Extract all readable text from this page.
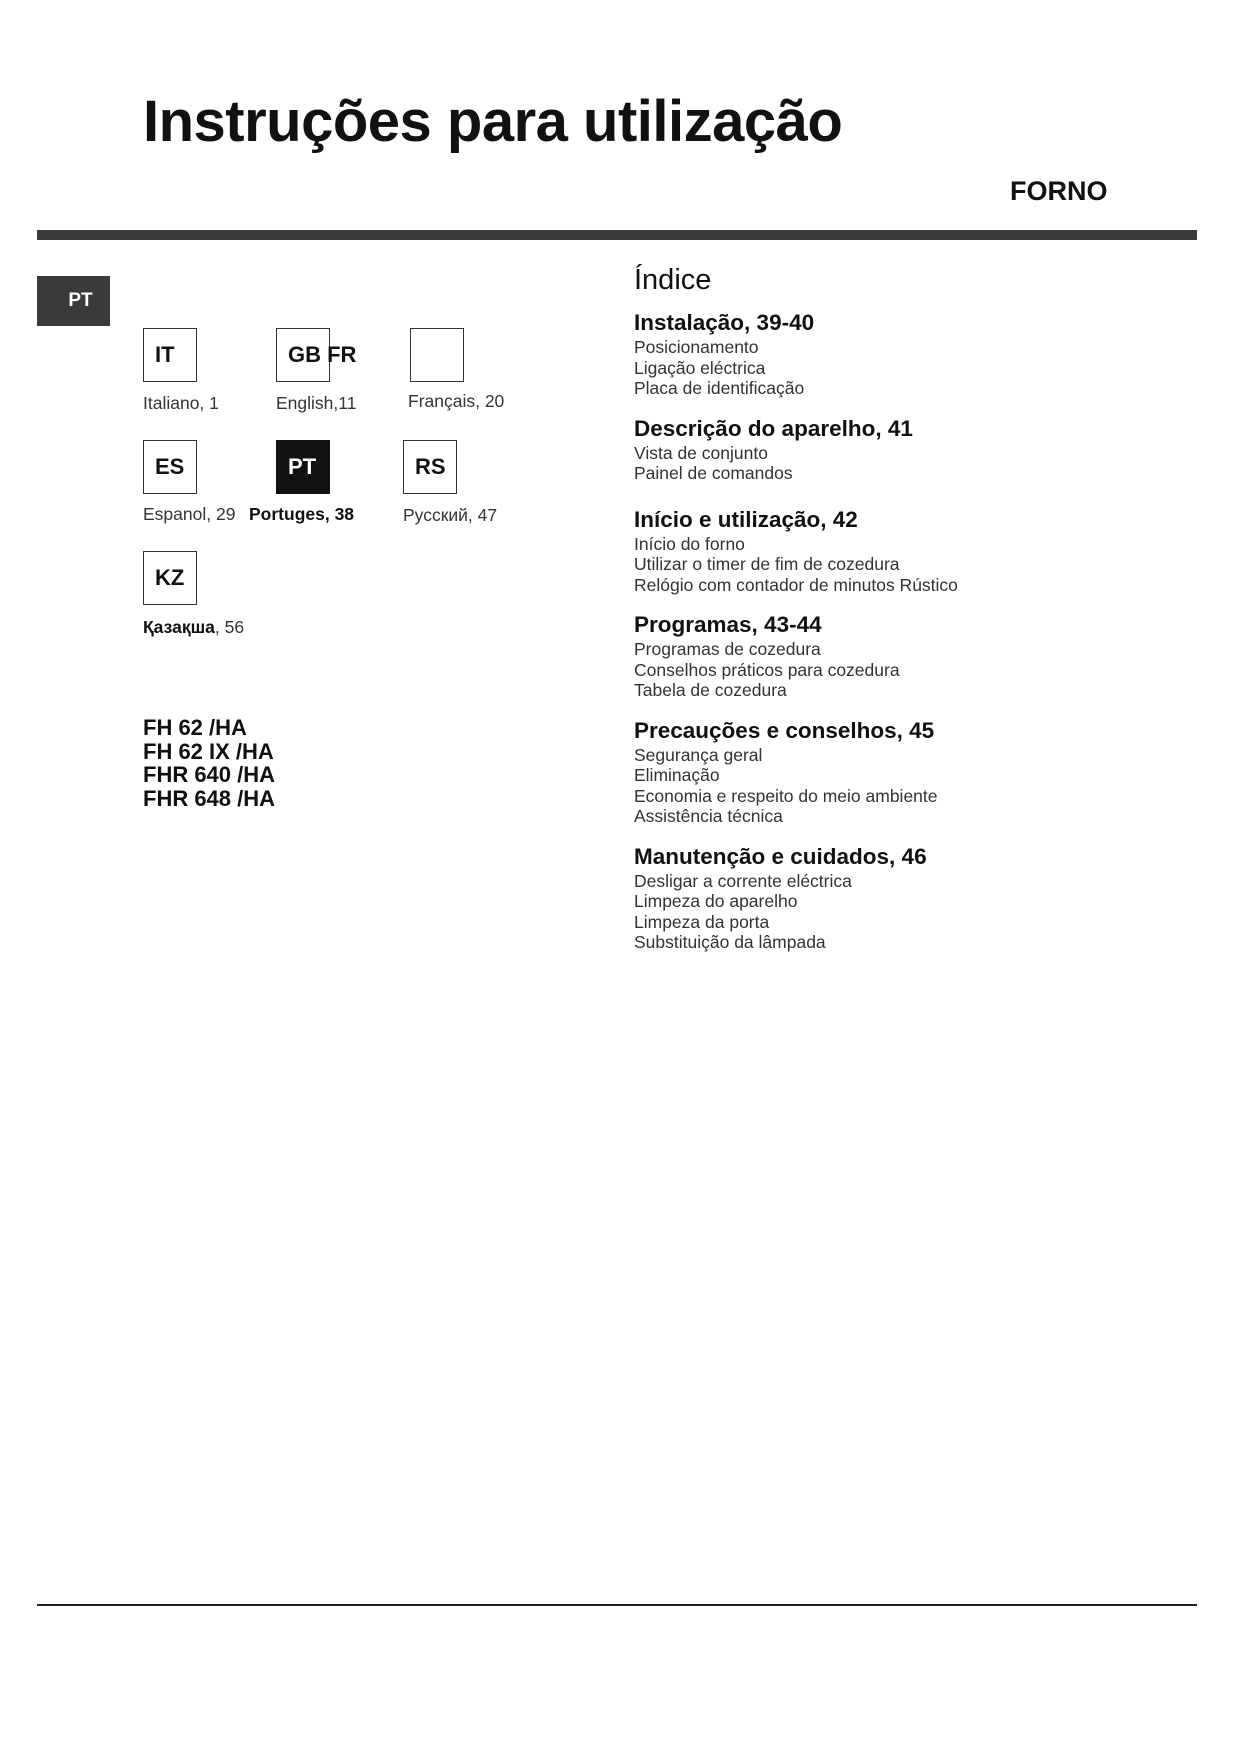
Instruções para utilização
FORNO
PT
IT
Italiano, 1
GB FR
English,11	Français, 20
ES
Espanol, 29
PT
Portuges, 38
RS
Русский, 47
KZ
Қазақша, 56
FH 62 /HA
FH 62 IX /HA
FHR 640 /HA
FHR 648 /HA
Índice
Instalação, 39-40
Posicionamento
Ligação eléctrica
Placa de identificação
Descrição do aparelho, 41
Vista de conjunto
Painel de comandos
Início e utilização, 42
Início do forno
Utilizar o timer de fim de cozedura
Relógio com contador de minutos Rústico
Programas, 43-44
Programas de cozedura
Conselhos práticos para cozedura
Tabela de cozedura
Precauções e conselhos, 45
Segurança geral
Eliminação
Economia e respeito do meio ambiente
Assistência técnica
Manutenção e cuidados, 46
Desligar a corrente eléctrica
Limpeza do aparelho
Limpeza da porta
Substituição da lâmpada
